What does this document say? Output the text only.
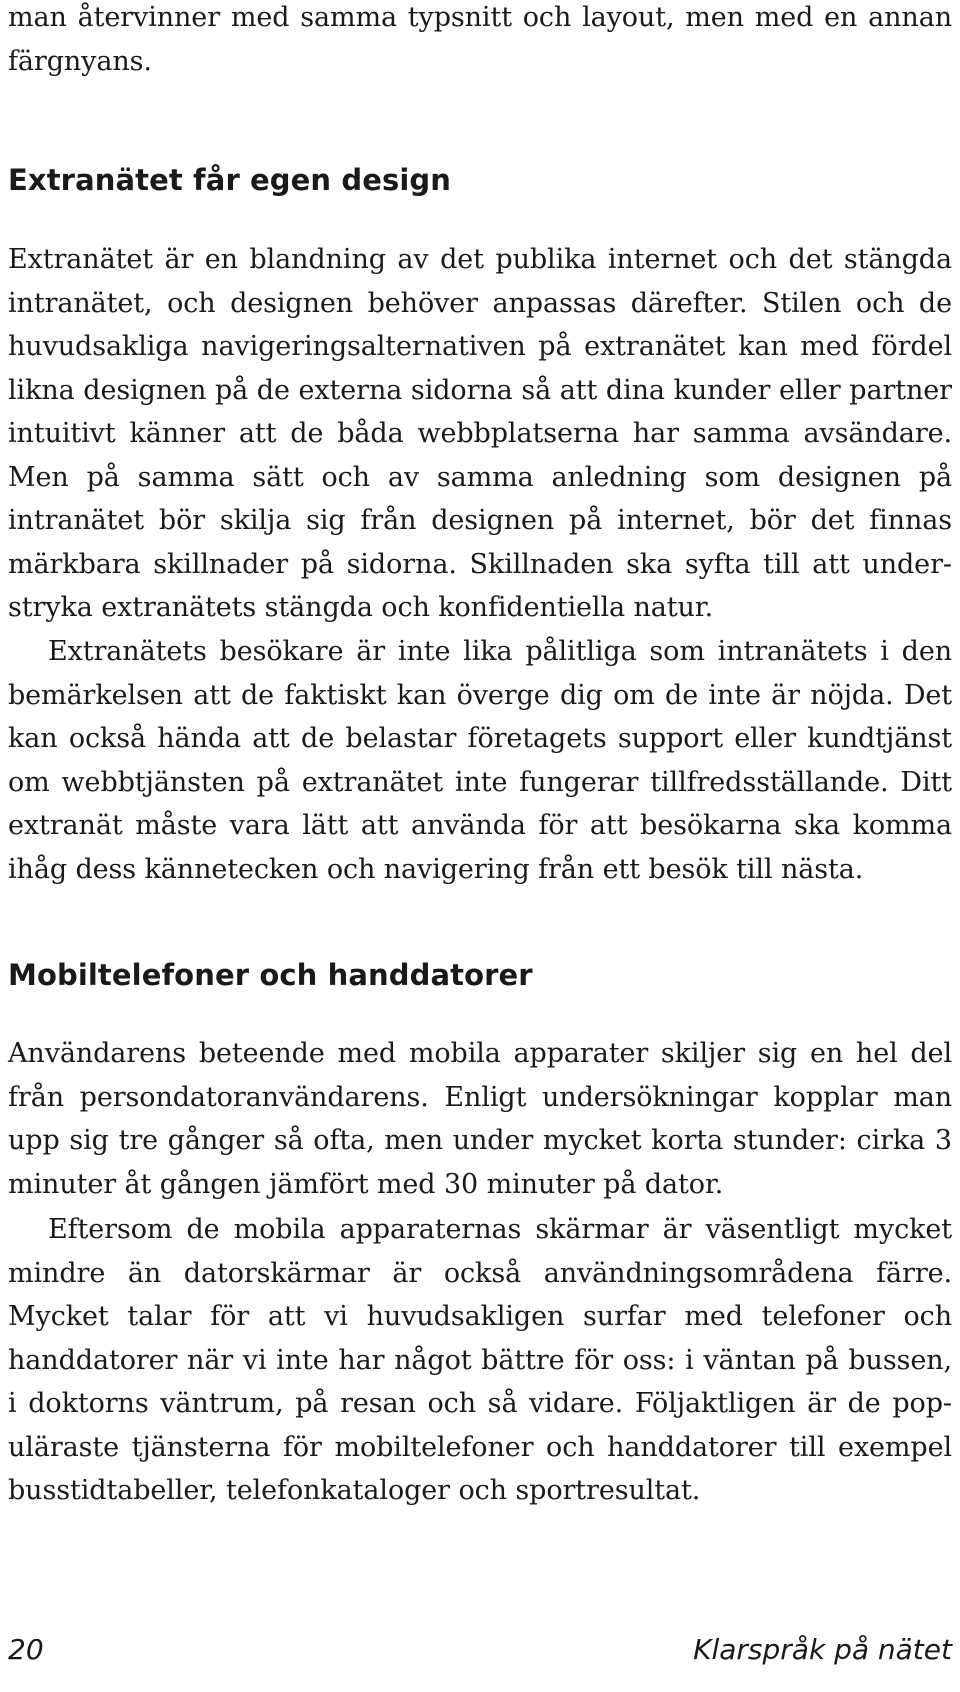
man återvinner med samma typsnitt och layout, men med en annan färgnyans.

Extranätet får egen design

Extranätet är en blandning av det publika internet och det stängda intranätet, och designen behöver anpassas därefter. Stilen och de huvudsakliga navigeringsalternativen på extranätet kan med fördel likna designen på de externa sidorna så att dina kunder eller partner intuitivt känner att de båda webbplatserna har samma avsändare. Men på samma sätt och av samma anledning som designen på intranätet bör skilja sig från designen på internet, bör det finnas märkbara skillnader på sidorna. Skillnaden ska syfta till att understryka extranätets stängda och konfidentiella natur.

Extranätets besökare är inte lika pålitliga som intranätets i den bemärkelsen att de faktiskt kan överge dig om de inte är nöjda. Det kan också hända att de belastar företagets support eller kundtjänst om webbtjänsten på extranätet inte fungerar tillfredsställande. Ditt extranät måste vara lätt att använda för att besökarna ska komma ihåg dess kännetecken och navigering från ett besök till nästa.

Mobiltelefoner och handdatorer

Användarens beteende med mobila apparater skiljer sig en hel del från persondatoranvändarens. Enligt undersökningar kopplar man upp sig tre gånger så ofta, men under mycket korta stunder: cirka 3 minuter åt gången jämfört med 30 minuter på dator.

Eftersom de mobila apparaternas skärmar är väsentligt mycket mindre än datorskärmar är också användningsområdena färre. Mycket talar för att vi huvudsakligen surfar med telefoner och handdatorer när vi inte har något bättre för oss: i väntan på bussen, i doktorns väntrum, på resan och så vidare. Följaktligen är de populäraste tjänsterna för mobiltelefoner och handdatorer till exempel busstidtabeller, telefonkataloger och sportresultat.

20	Klarspråk på nätet
